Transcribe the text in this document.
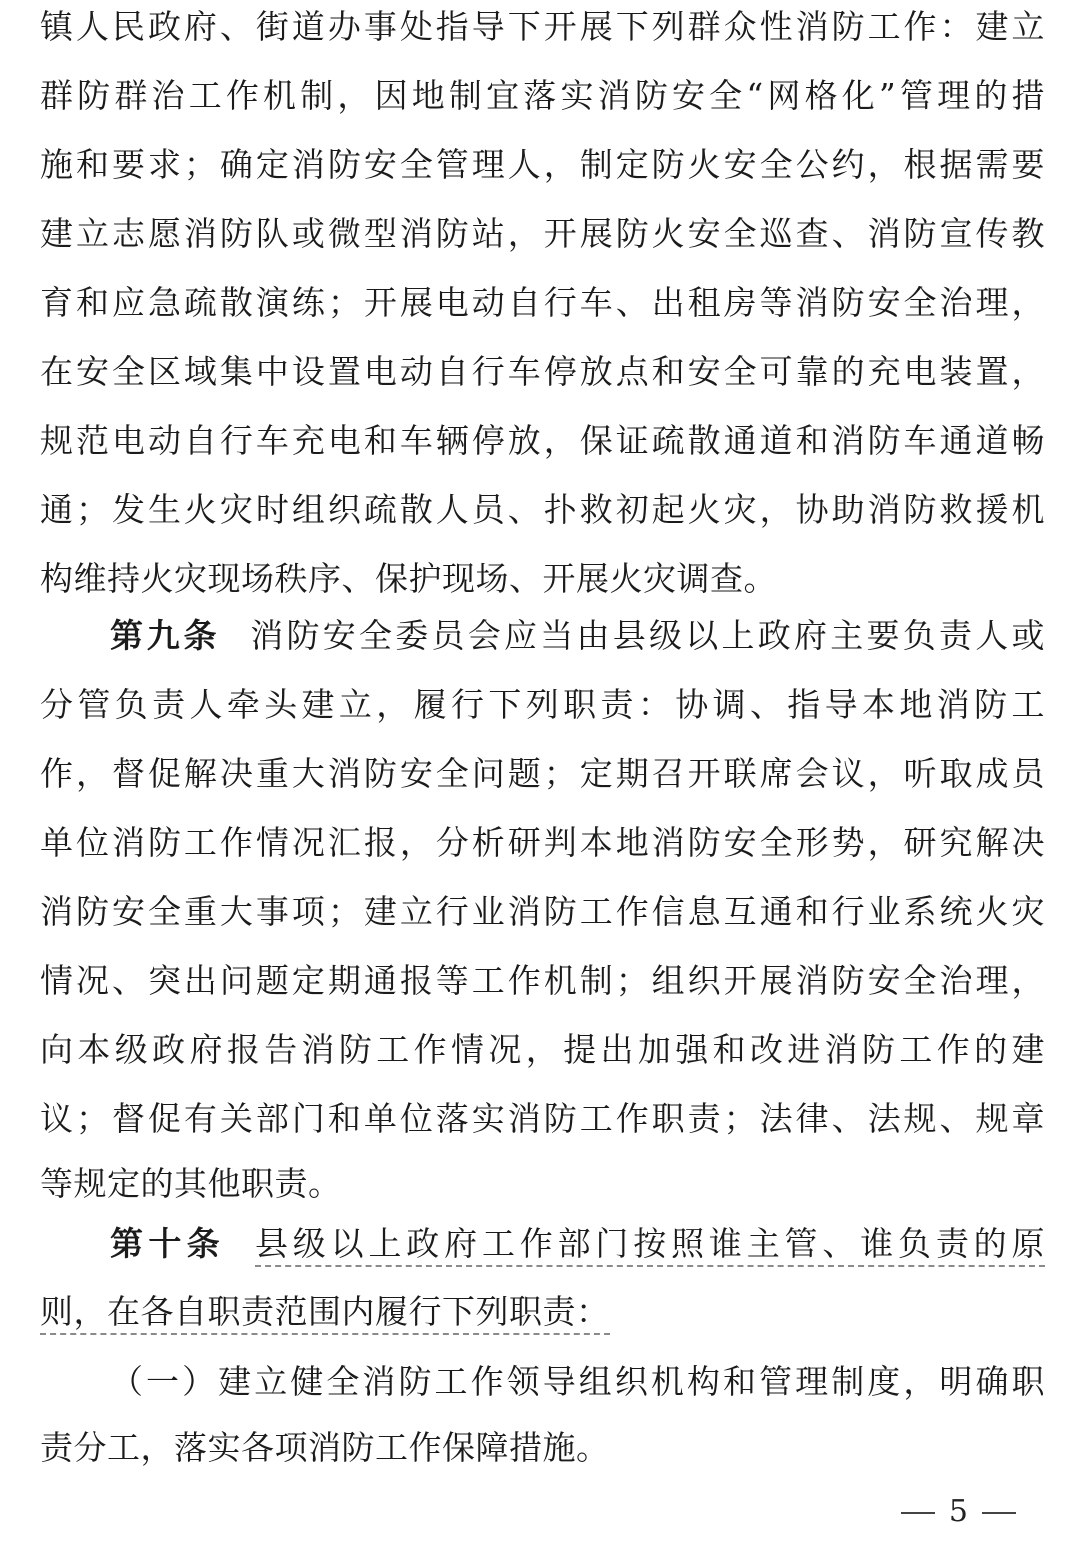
镇人民政府、街道办事处指导下开展下列群众性消防工作：建立
群防群治工作机制，因地制宜落实消防安全“网格化”管理的措
施和要求；确定消防安全管理人，制定防火安全公约，根据需要
建立志愿消防队或微型消防站，开展防火安全巡查、消防宣传教
育和应急疏散演练；开展电动自行车、出租房等消防安全治理，
在安全区域集中设置电动自行车停放点和安全可靠的充电装置，
规范电动自行车充电和车辆停放，保证疏散通道和消防车通道畅
通；发生火灾时组织疏散人员、扑救初起火灾，协助消防救援机
构维持火灾现场秩序、保护现场、开展火灾调查。
第九条 消防安全委员会应当由县级以上政府主要负责人或
分管负责人牵头建立，履行下列职责：协调、指导本地消防工
作，督促解决重大消防安全问题；定期召开联席会议，听取成员
单位消防工作情况汇报，分析研判本地消防安全形势，研究解决
消防安全重大事项；建立行业消防工作信息互通和行业系统火灾
情况、突出问题定期通报等工作机制；组织开展消防安全治理，
向本级政府报告消防工作情况，提出加强和改进消防工作的建
议；督促有关部门和单位落实消防工作职责；法律、法规、规章
等规定的其他职责。
第十条 县级以上政府工作部门按照谁主管、谁负责的原
则，在各自职责范围内履行下列职责：
（一）建立健全消防工作领导组织机构和管理制度，明确职
责分工，落实各项消防工作保障措施。
5
